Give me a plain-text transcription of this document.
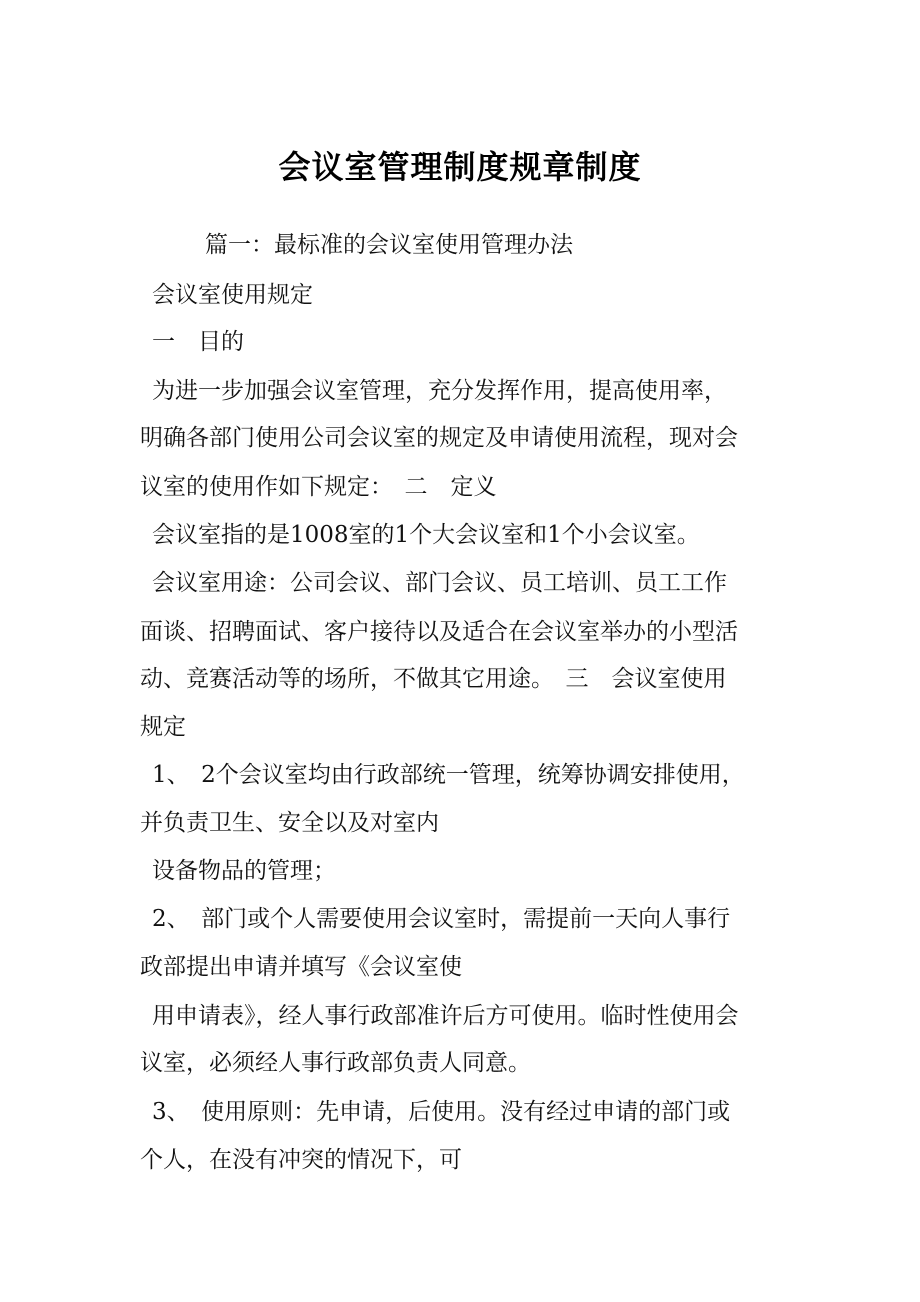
会议室管理制度规章制度
篇一：最标准的会议室使用管理办法
会议室使用规定
一　目的
为进一步加强会议室管理，充分发挥作用，提高使用率，
明确各部门使用公司会议室的规定及申请使用流程，现对会
议室的使用作如下规定：　二　定义
会议室指的是1008室的1个大会议室和1个小会议室。
会议室用途：公司会议、部门会议、员工培训、员工工作
面谈、招聘面试、客户接待以及适合在会议室举办的小型活
动、竞赛活动等的场所，不做其它用途。　三　会议室使用
规定
1、　2个会议室均由行政部统一管理，统筹协调安排使用，
并负责卫生、安全以及对室内
设备物品的管理；
2、　部门或个人需要使用会议室时，需提前一天向人事行
政部提出申请并填写《会议室使
用申请表》，经人事行政部准许后方可使用。临时性使用会
议室，必须经人事行政部负责人同意。
3、　使用原则：先申请，后使用。没有经过申请的部门或
个人，在没有冲突的情况下，可
